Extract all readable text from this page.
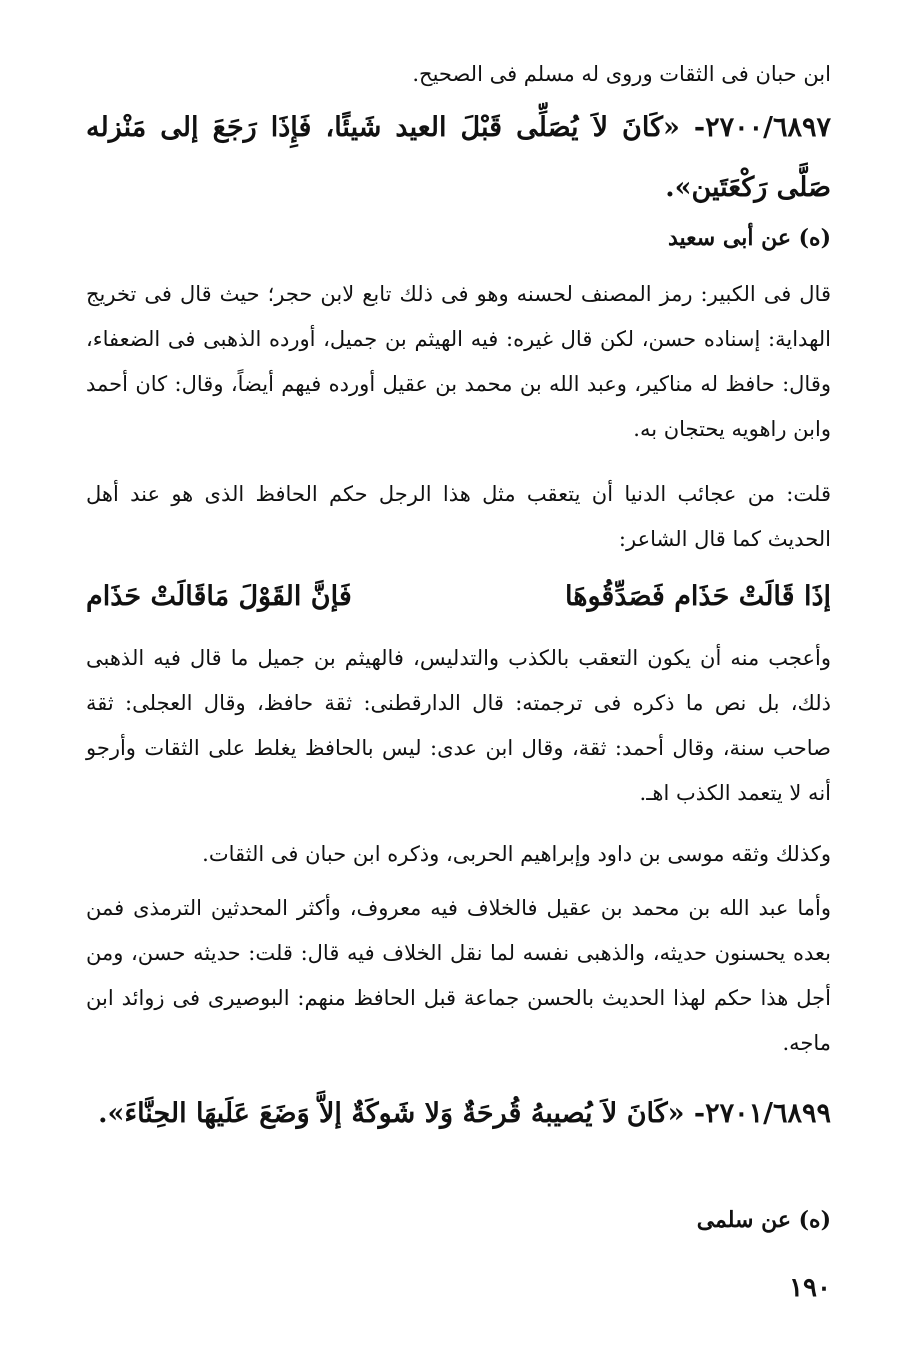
ابن حبان فى الثقات وروى له مسلم فى الصحيح.
٢٧٠٠/٦٨٩٧- «كَانَ لاَ يُصَلِّى قَبْلَ العيد شَيئًا، فَإِذَا رَجَعَ إلى مَنْزله صَلَّى رَكْعَتَين».
(ه) عن أبى سعيد
قال فى الكبير: رمز المصنف لحسنه وهو فى ذلك تابع لابن حجر؛ حيث قال فى تخريج الهداية: إسناده حسن، لكن قال غيره: فيه الهيثم بن جميل، أورده الذهبى فى الضعفاء، وقال: حافظ له مناكير، وعبد الله بن محمد بن عقيل أورده فيهم أيضاً، وقال: كان أحمد وابن راهويه يحتجان به.
قلت: من عجائب الدنيا أن يتعقب مثل هذا الرجل حكم الحافظ الذى هو عند أهل الحديث كما قال الشاعر:
إذَا قَالَتْ حَذَام فَصَدِّقُوهَا
فَإنَّ القَوْلَ مَاقَالَتْ حَذَام
وأعجب منه أن يكون التعقب بالكذب والتدليس، فالهيثم بن جميل ما قال فيه الذهبى ذلك، بل نص ما ذكره فى ترجمته: قال الدارقطنى: ثقة حافظ، وقال العجلى: ثقة صاحب سنة، وقال أحمد: ثقة، وقال ابن عدى: ليس بالحافظ يغلط على الثقات وأرجو أنه لا يتعمد الكذب اهـ.
وكذلك وثقه موسى بن داود وإبراهيم الحربى، وذكره ابن حبان فى الثقات.
وأما عبد الله بن محمد بن عقيل فالخلاف فيه معروف، وأكثر المحدثين الترمذى فمن بعده يحسنون حديثه، والذهبى نفسه لما نقل الخلاف فيه قال: قلت: حديثه حسن، ومن أجل هذا حكم لهذا الحديث بالحسن جماعة قبل الحافظ منهم: البوصيرى فى زوائد ابن ماجه.
٢٧٠١/٦٨٩٩- «كَانَ لاَ يُصيبهُ قُرحَةٌ وَلا شَوكَةٌ إلاَّ وَضَعَ عَلَيهَا الحِنَّاءَ».
(ه) عن سلمى
١٩٠
